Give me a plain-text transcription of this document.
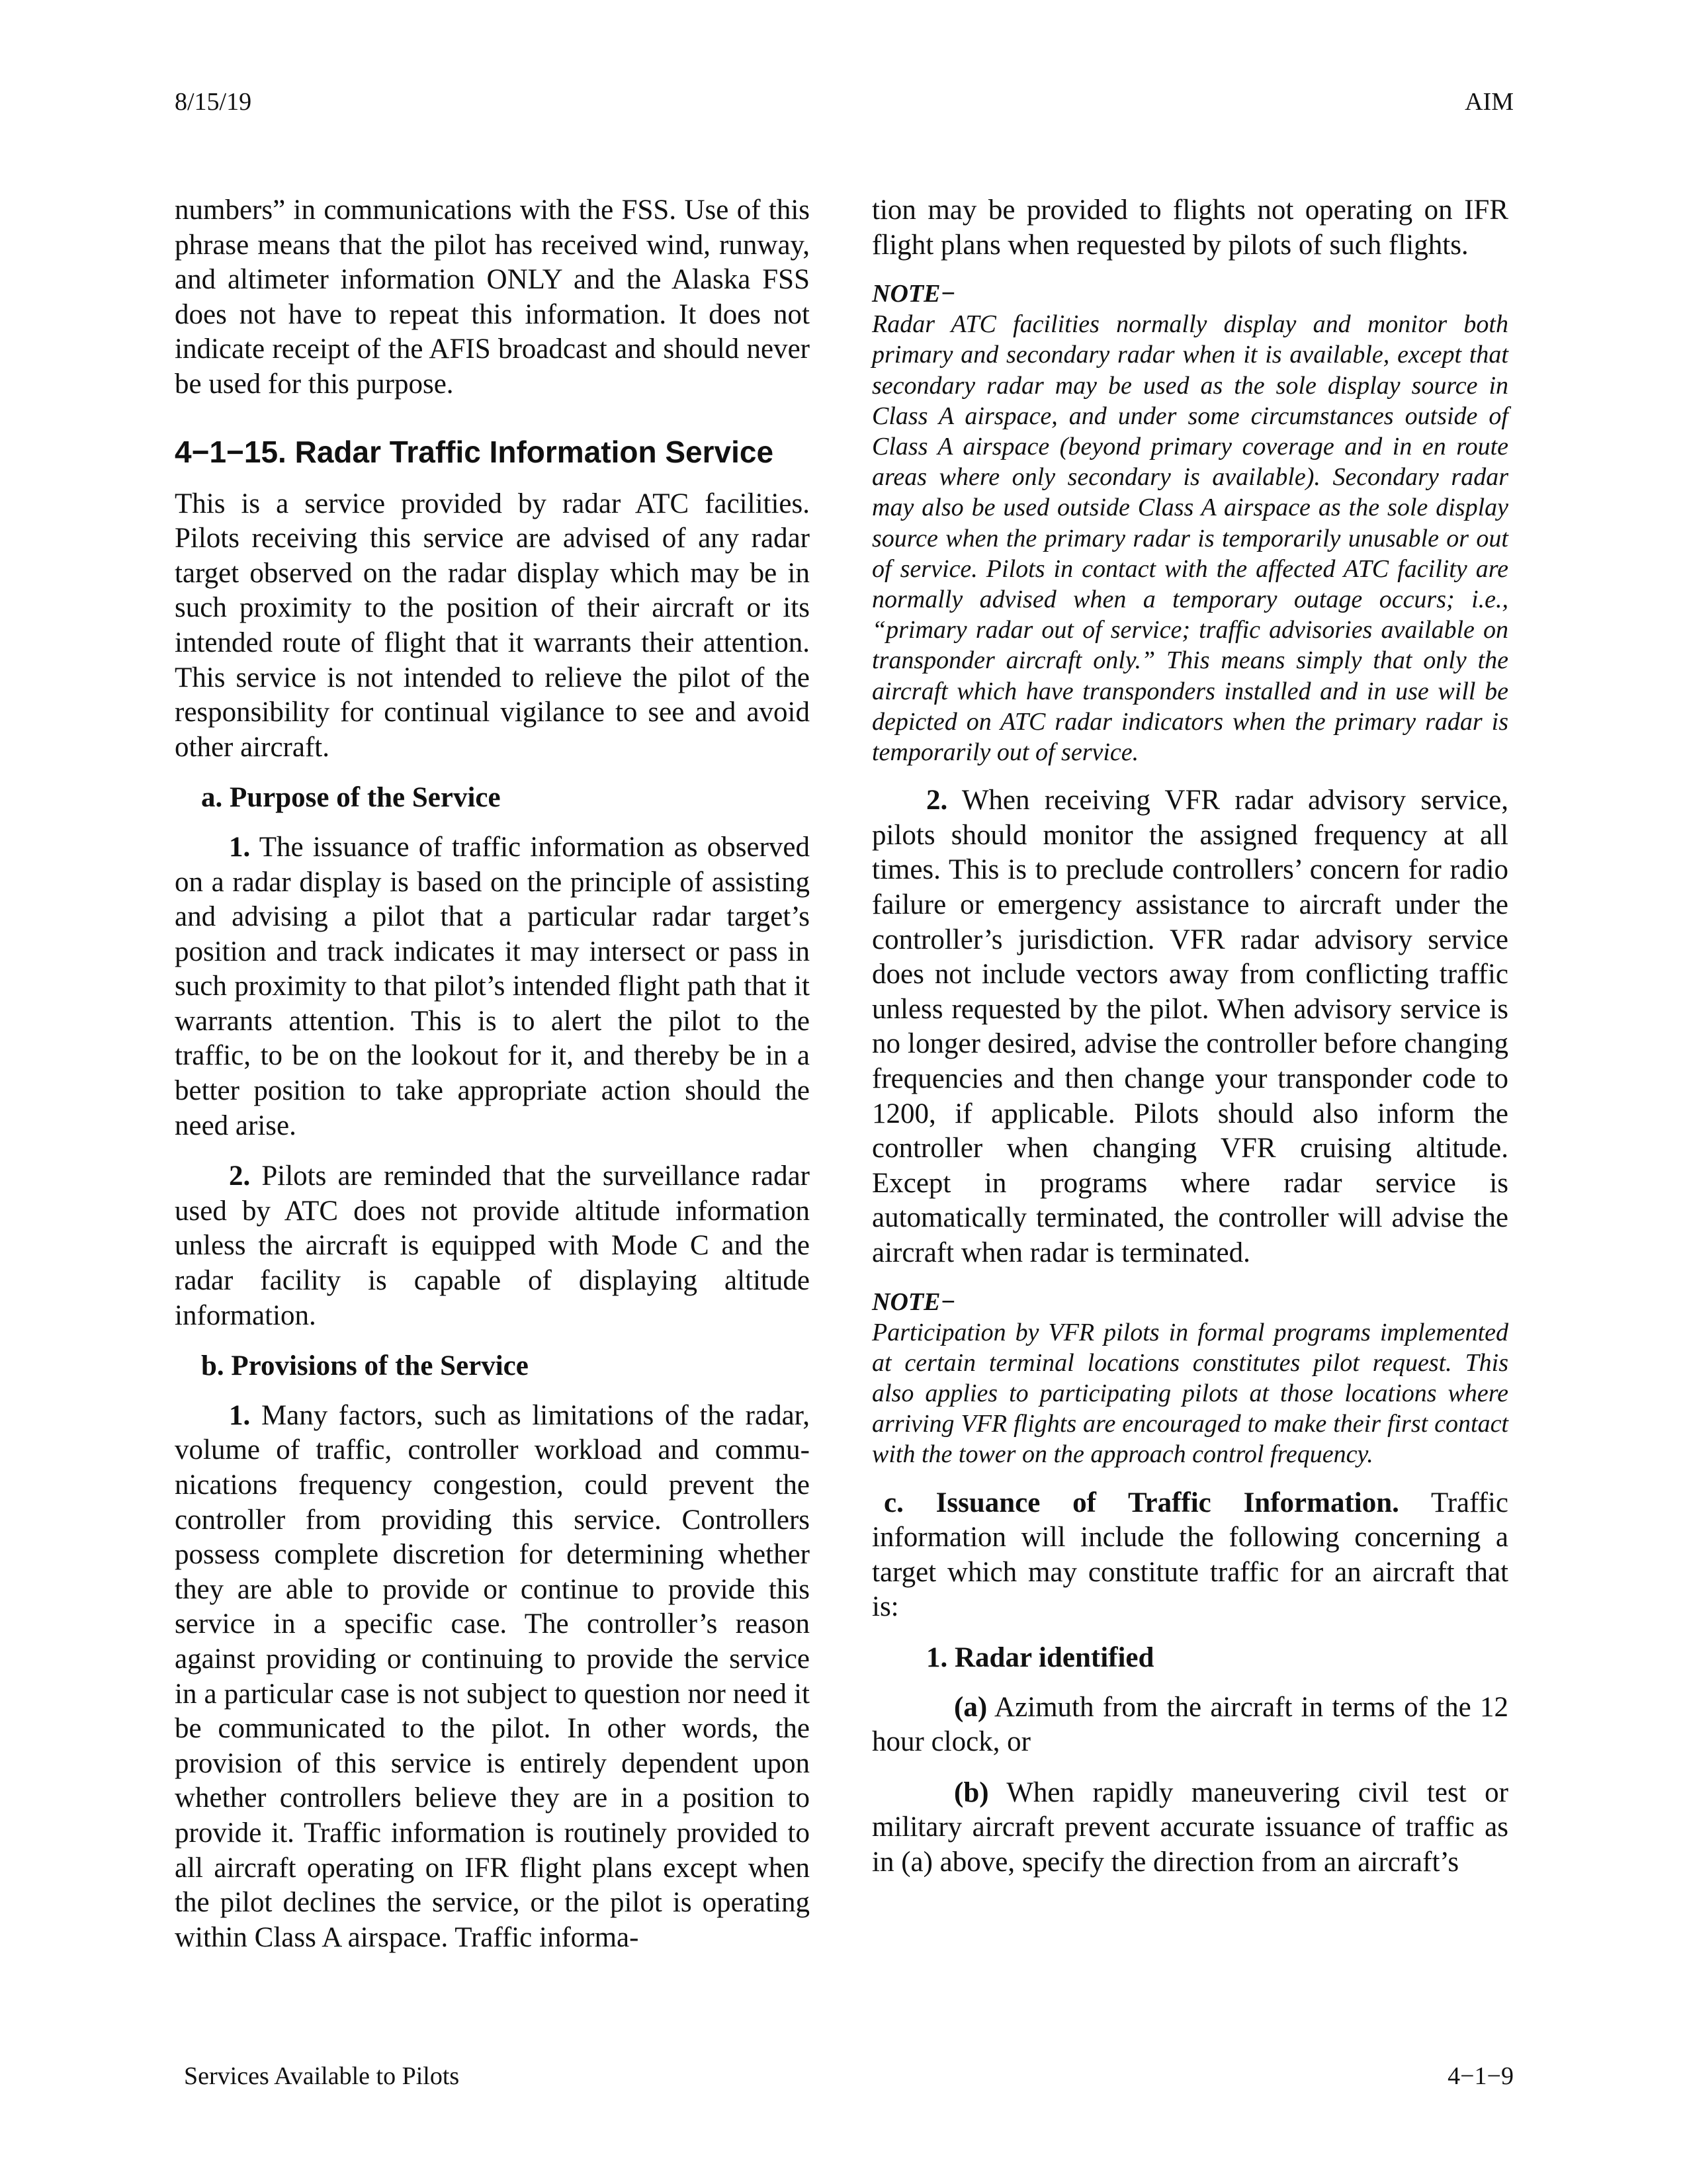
8/15/19	AIM

numbers” in communications with the FSS. Use of this phrase means that the pilot has received wind, runway, and altimeter information ONLY and the Alaska FSS does not have to repeat this information. It does not indicate receipt of the AFIS broadcast and should never be used for this purpose.

4−1−15. Radar Traffic Information Service

This is a service provided by radar ATC facilities. Pilots receiving this service are advised of any radar target observed on the radar display which may be in such proximity to the position of their aircraft or its intended route of flight that it warrants their attention. This service is not intended to relieve the pilot of the responsibility for continual vigilance to see and avoid other aircraft.

a. Purpose of the Service

1. The issuance of traffic information as observed on a radar display is based on the principle of assisting and advising a pilot that a particular radar target’s position and track indicates it may intersect or pass in such proximity to that pilot’s intended flight path that it warrants attention. This is to alert the pilot to the traffic, to be on the lookout for it, and thereby be in a better position to take appropriate action should the need arise.

2. Pilots are reminded that the surveillance radar used by ATC does not provide altitude information unless the aircraft is equipped with Mode C and the radar facility is capable of displaying altitude information.

b. Provisions of the Service

1. Many factors, such as limitations of the radar, volume of traffic, controller workload and commu-nications frequency congestion, could prevent the controller from providing this service. Controllers possess complete discretion for determining whether they are able to provide or continue to provide this service in a specific case. The controller’s reason against providing or continuing to provide the service in a particular case is not subject to question nor need it be communicated to the pilot. In other words, the provision of this service is entirely dependent upon whether controllers believe they are in a position to provide it. Traffic information is routinely provided to all aircraft operating on IFR flight plans except when the pilot declines the service, or the pilot is operating within Class A airspace. Traffic informa-

tion may be provided to flights not operating on IFR flight plans when requested by pilots of such flights.

NOTE−

Radar ATC facilities normally display and monitor both primary and secondary radar when it is available, except that secondary radar may be used as the sole display source in Class A airspace, and under some circumstances outside of Class A airspace (beyond primary coverage and in en route areas where only secondary is available). Secondary radar may also be used outside Class A airspace as the sole display source when the primary radar is temporarily unusable or out of service. Pilots in contact with the affected ATC facility are normally advised when a temporary outage occurs; i.e., “primary radar out of service; traffic advisories available on transponder aircraft only.” This means simply that only the aircraft which have transponders installed and in use will be depicted on ATC radar indicators when the primary radar is temporarily out of service.

2. When receiving VFR radar advisory service, pilots should monitor the assigned frequency at all times. This is to preclude controllers’ concern for radio failure or emergency assistance to aircraft under the controller’s jurisdiction. VFR radar advisory service does not include vectors away from conflicting traffic unless requested by the pilot. When advisory service is no longer desired, advise the controller before changing frequencies and then change your transponder code to 1200, if applicable. Pilots should also inform the controller when changing VFR cruising altitude. Except in programs where radar service is automatically terminated, the controller will advise the aircraft when radar is terminated.

NOTE−

Participation by VFR pilots in formal programs implemented at certain terminal locations constitutes pilot request. This also applies to participating pilots at those locations where arriving VFR flights are encouraged to make their first contact with the tower on the approach control frequency.

c. Issuance of Traffic Information. Traffic information will include the following concerning a target which may constitute traffic for an aircraft that is:

1. Radar identified

(a) Azimuth from the aircraft in terms of the 12 hour clock, or

(b) When rapidly maneuvering civil test or military aircraft prevent accurate issuance of traffic as in (a) above, specify the direction from an aircraft’s

Services Available to Pilots	4−1−9
